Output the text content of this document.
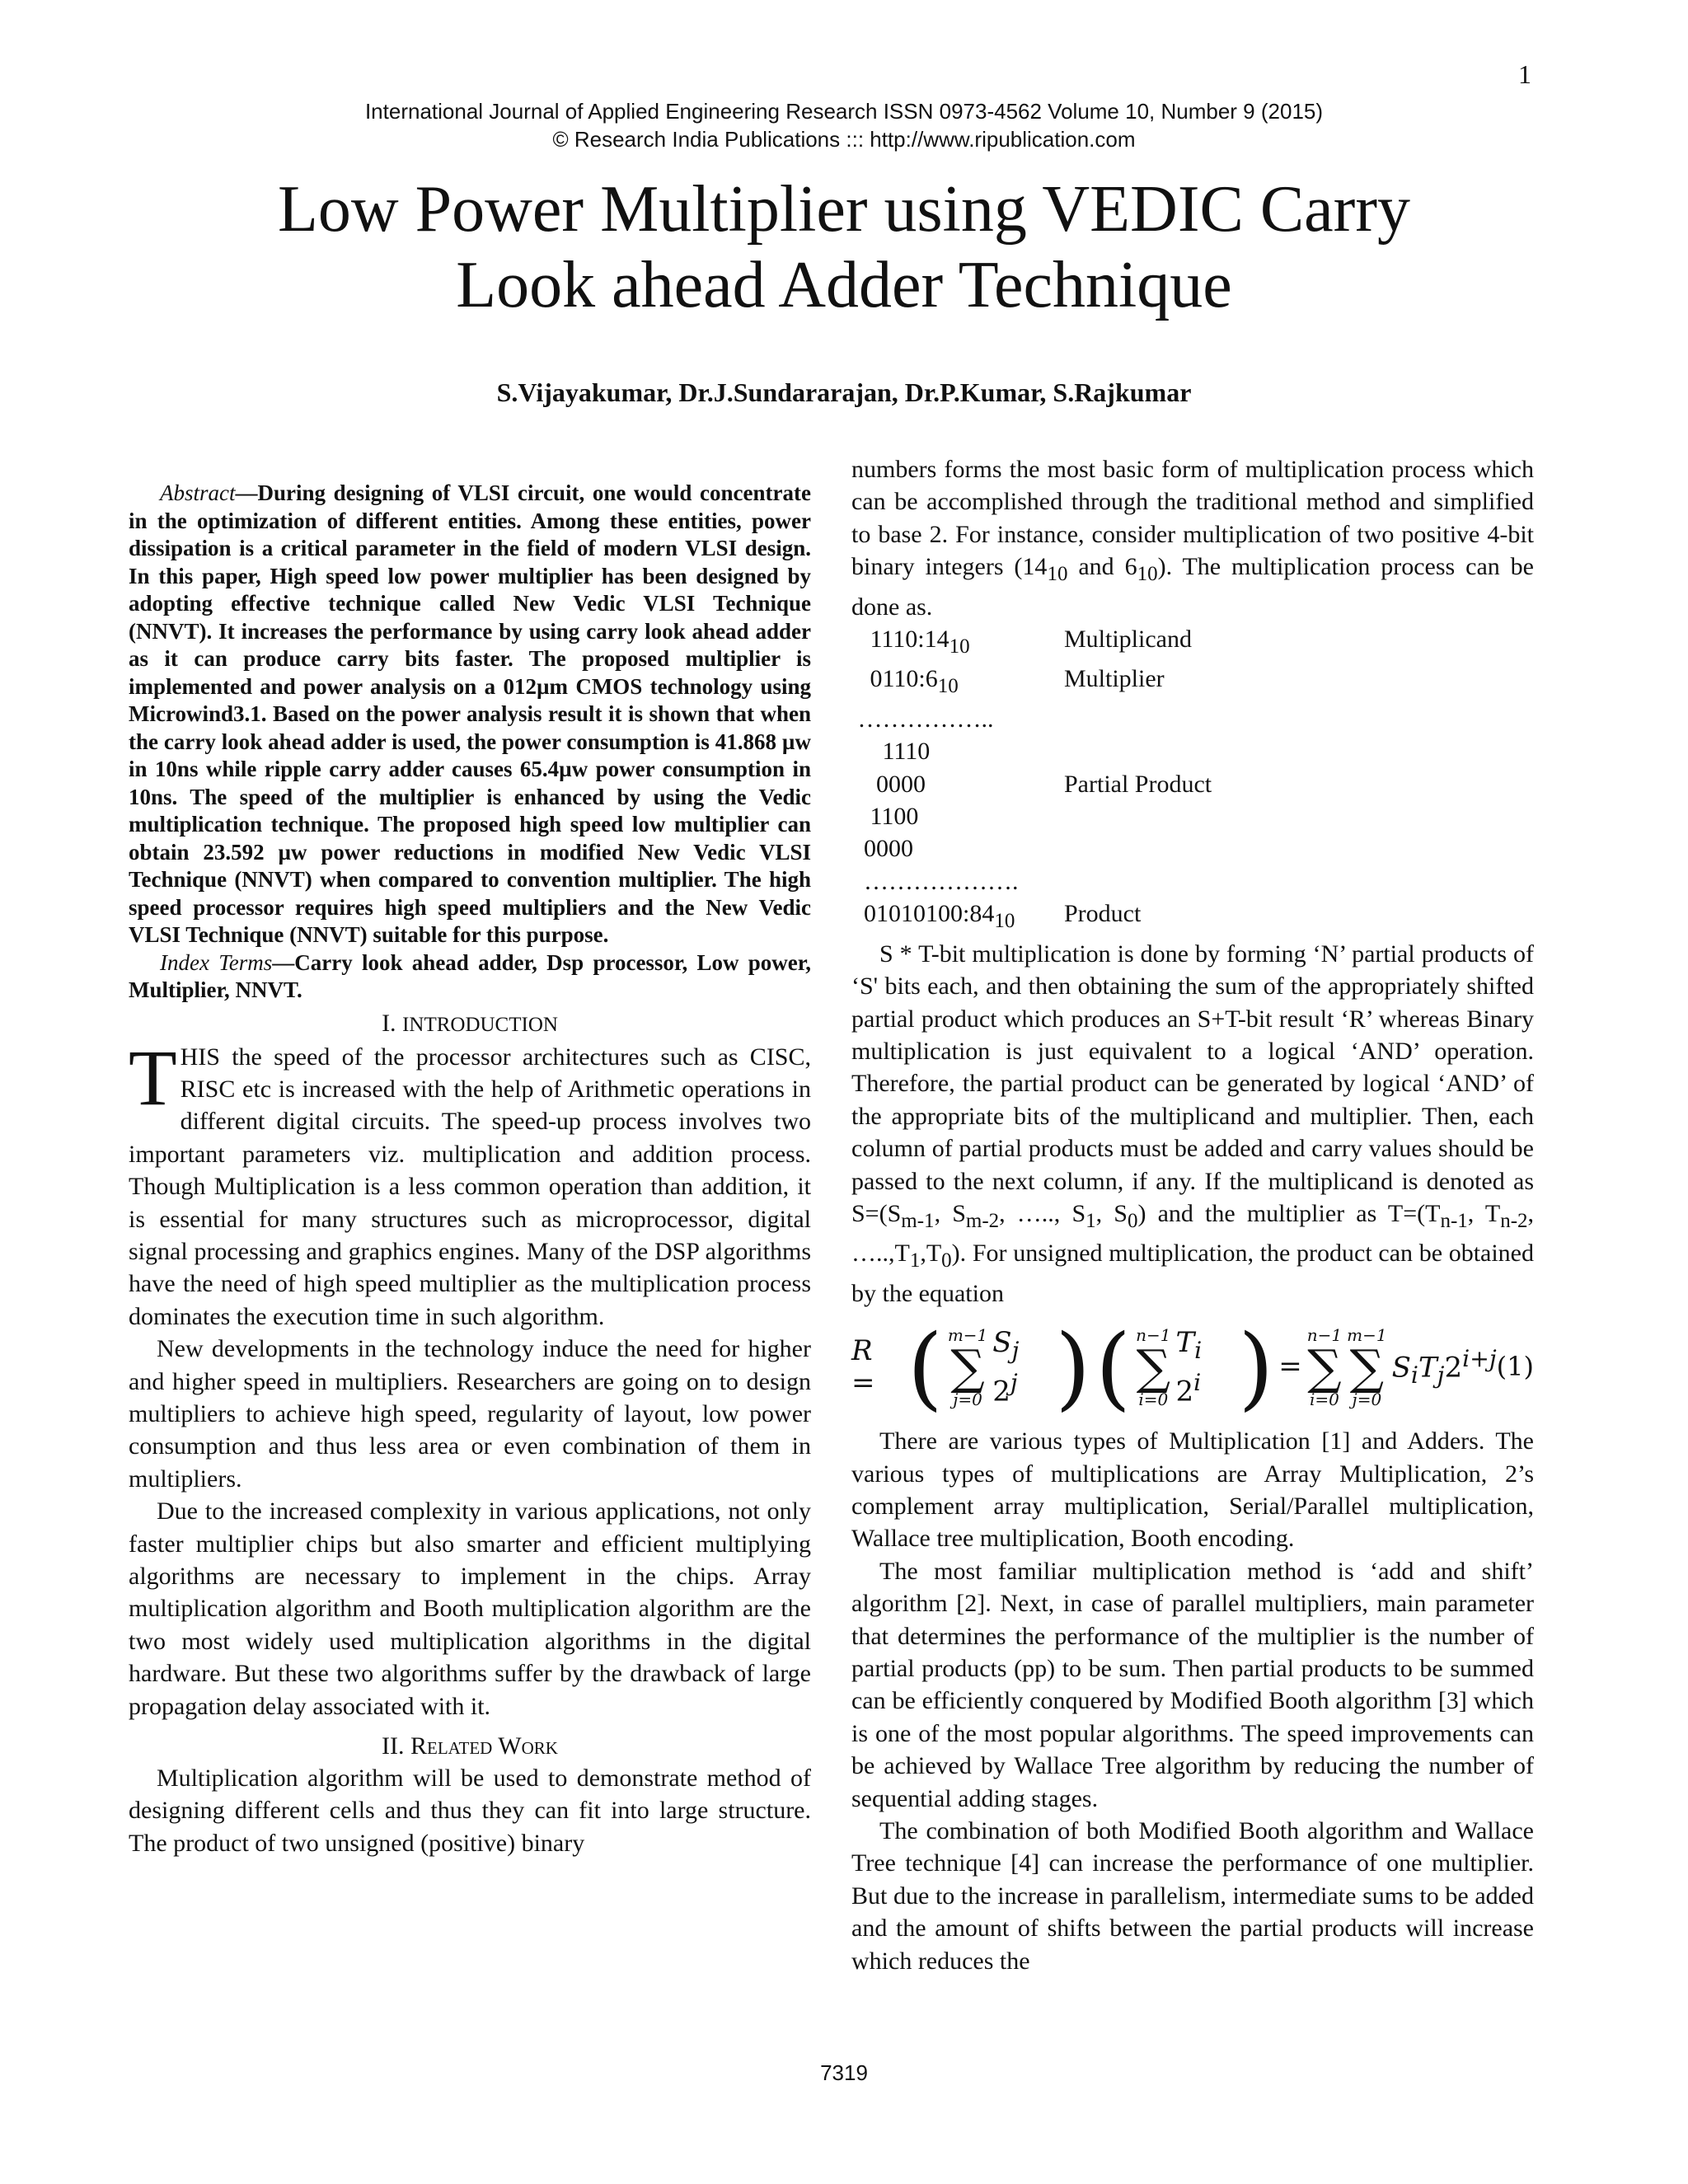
1
International Journal of Applied Engineering Research ISSN 0973-4562 Volume 10, Number 9 (2015)
© Research India Publications ::: http://www.ripublication.com
Low Power Multiplier using VEDIC Carry
Look ahead Adder Technique
S.Vijayakumar, Dr.J.Sundararajan, Dr.P.Kumar, S.Rajkumar

Abstract—During designing of VLSI circuit, one would concentrate in the optimization of different entities. Among these entities, power dissipation is a critical parameter in the field of modern VLSI design. In this paper, High speed low power multiplier has been designed by adopting effective technique called New Vedic VLSI Technique (NNVT). It increases the performance by using carry look ahead adder as it can produce carry bits faster. The proposed multiplier is implemented and power analysis on a 012µm CMOS technology using Microwind3.1. Based on the power analysis result it is shown that when the carry look ahead adder is used, the power consumption is 41.868 µw in 10ns while ripple carry adder causes 65.4µw power consumption in 10ns. The speed of the multiplier is enhanced by using the Vedic multiplication technique. The proposed high speed low multiplier can obtain 23.592 µw power reductions in modified New Vedic VLSI Technique (NNVT) when compared to convention multiplier. The high speed processor requires high speed multipliers and the New Vedic VLSI Technique (NNVT) suitable for this purpose.

Index Terms—Carry look ahead adder, Dsp processor, Low power, Multiplier, NNVT.

I. INTRODUCTION

THIS the speed of the processor architectures such as CISC, RISC etc is increased with the help of Arithmetic operations in different digital circuits. The speed-up process involves two important parameters viz. multiplication and addition process. Though Multiplication is a less common operation than addition, it is essential for many structures such as microprocessor, digital signal processing and graphics engines. Many of the DSP algorithms have the need of high speed multiplier as the multiplication process dominates the execution time in such algorithm.

New developments in the technology induce the need for higher and higher speed in multipliers. Researchers are going on to design multipliers to achieve high speed, regularity of layout, low power consumption and thus less area or even combination of them in multipliers.

Due to the increased complexity in various applications, not only faster multiplier chips but also smarter and efficient multiplying algorithms are necessary to implement in the chips. Array multiplication algorithm and Booth multiplication algorithm are the two most widely used multiplication algorithms in the digital hardware. But these two algorithms suffer by the drawback of large propagation delay associated with it.

II. Related Work

Multiplication algorithm will be used to demonstrate method of designing different cells and thus they can fit into large structure. The product of two unsigned (positive) binary

numbers forms the most basic form of multiplication process which can be accomplished through the traditional method and simplified to base 2. For instance, consider multiplication of two positive 4-bit binary integers ($14_{10}$ and $6_{10}$). The multiplication process can be done as.

$1110:14_{10}$	Multiplicand
$0110:6_{10}$	Multiplier
……………..
1110
0000	Partial Product
1100
0000
……………….
$01010100:84_{10}$	Product

S * T-bit multiplication is done by forming ‘N’ partial products of ‘S' bits each, and then obtaining the sum of the appropriately shifted partial product which produces an S+T-bit result ‘R’ whereas Binary multiplication is just equivalent to a logical ‘AND’ operation. Therefore, the partial product can be generated by logical ‘AND’ of the appropriate bits of the multiplicand and multiplier. Then, each column of partial products must be added and carry values should be passed to the next column, if any. If the multiplicand is denoted as $S=(S_{m-1}$, $S_{m-2}$, ….., $S_1$, $S_0$) and the multiplier as $T=(T_{n-1}$, $T_{n-2}$, $\dots..,T_1,T_0$). For unsigned multiplication, the product can be obtained by the equation

R = ( m−1
∑
j=0
$S_j$ 2$^j$ ) ( n−1
∑
i=0
$T_i$ 2$^i$ ) =
n−1
∑
i=0
m−1
∑
j=0
$S_iT_j2^{i+j}$ (1)

There are various types of Multiplication [1] and Adders. The various types of multiplications are Array Multiplication, 2’s complement array multiplication, Serial/Parallel multiplication, Wallace tree multiplication, Booth encoding.

The most familiar multiplication method is ‘add and shift’ algorithm [2]. Next, in case of parallel multipliers, main parameter that determines the performance of the multiplier is the number of partial products (pp) to be sum. Then partial products to be summed can be efficiently conquered by Modified Booth algorithm [3] which is one of the most popular algorithms. The speed improvements can be achieved by Wallace Tree algorithm by reducing the number of sequential adding stages.

The combination of both Modified Booth algorithm and Wallace Tree technique [4] can increase the performance of one multiplier. But due to the increase in parallelism, intermediate sums to be added and the amount of shifts between the partial products will increase which reduces the

7319
